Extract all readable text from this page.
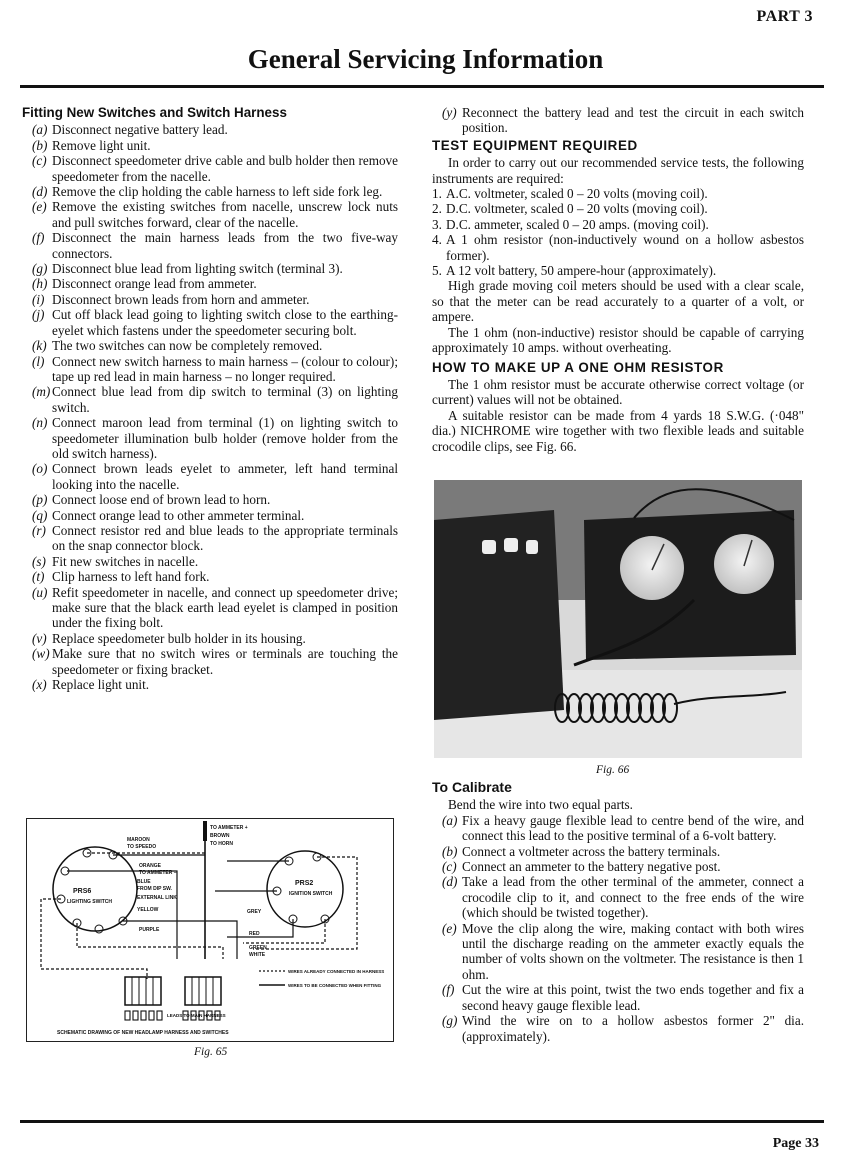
PART 3
General Servicing Information
Fitting New Switches and Switch Harness
(a) Disconnect negative battery lead.
(b) Remove light unit.
(c) Disconnect speedometer drive cable and bulb holder then remove speedometer from the nacelle.
(d) Remove the clip holding the cable harness to left side fork leg.
(e) Remove the existing switches from nacelle, unscrew lock nuts and pull switches forward, clear of the nacelle.
(f) Disconnect the main harness leads from the two five-way connectors.
(g) Disconnect blue lead from lighting switch (terminal 3).
(h) Disconnect orange lead from ammeter.
(i) Disconnect brown leads from horn and ammeter.
(j) Cut off black lead going to lighting switch close to the earthing-eyelet which fastens under the speedometer securing bolt.
(k) The two switches can now be completely removed.
(l) Connect new switch harness to main harness – (colour to colour); tape up red lead in main harness – no longer required.
(m) Connect blue lead from dip switch to terminal (3) on lighting switch.
(n) Connect maroon lead from terminal (1) on lighting switch to speedometer illumination bulb holder (remove holder from the old switch harness).
(o) Connect brown leads eyelet to ammeter, left hand terminal looking into the nacelle.
(p) Connect loose end of brown lead to horn.
(q) Connect orange lead to other ammeter terminal.
(r) Connect resistor red and blue leads to the appropriate terminals on the snap connector block.
(s) Fit new switches in nacelle.
(t) Clip harness to left hand fork.
(u) Refit speedometer in nacelle, and connect up speedometer drive; make sure that the black earth lead eyelet is clamped in position under the fixing bolt.
(v) Replace speedometer bulb holder in its housing.
(w) Make sure that no switch wires or terminals are touching the speedometer or fixing bracket.
(x) Replace light unit.
TO AMMETER +
BROWN
TO HORN
MAROON
TO SPEEDO
ORANGE
TO AMMETER –
BLUE
FROM DIP SW.
EXTERNAL LINK
PRS6
LIGHTING SWITCH
PRS2
IGNITION SWITCH
YELLOW
PURPLE
GREY
RED
GREEN
WHITE
LEADS TO MAIN HARNESS
WIRES ALREADY CONNECTED IN HARNESS
WIRES TO BE CONNECTED WHEN FITTING
SCHEMATIC DRAWING OF NEW HEADLAMP HARNESS AND SWITCHES
Fig. 65
(y) Reconnect the battery lead and test the circuit in each switch position.
TEST EQUIPMENT REQUIRED

In order to carry out our recommended service tests, the following instruments are required:

1. A.C. voltmeter, scaled 0 – 20 volts (moving coil).
2. D.C. voltmeter, scaled 0 – 20 volts (moving coil).
3. D.C. ammeter, scaled 0 – 20 amps. (moving coil).
4. A 1 ohm resistor (non-inductively wound on a hollow asbestos former).
5. A 12 volt battery, 50 ampere-hour (approximately).

High grade moving coil meters should be used with a clear scale, so that the meter can be read accurately to a quarter of a volt, or ampere.

The 1 ohm (non-inductive) resistor should be capable of carrying approximately 10 amps. without overheating.

HOW TO MAKE UP A ONE OHM RESISTOR

The 1 ohm resistor must be accurate otherwise correct voltage (or current) values will not be obtained.

A suitable resistor can be made from 4 yards 18 S.W.G. (·048" dia.) NICHROME wire together with two flexible leads and suitable crocodile clips, see Fig. 66.

Fig. 66
To Calibrate

Bend the wire into two equal parts.

(a) Fix a heavy gauge flexible lead to centre bend of the wire, and connect this lead to the positive terminal of a 6-volt battery.
(b) Connect a voltmeter across the battery terminals.
(c) Connect an ammeter to the battery negative post.
(d) Take a lead from the other terminal of the ammeter, connect a crocodile clip to it, and connect to the free ends of the wire (which should be twisted together).
(e) Move the clip along the wire, making contact with both wires until the discharge reading on the ammeter exactly equals the number of volts shown on the voltmeter. The resistance is then 1 ohm.
(f) Cut the wire at this point, twist the two ends together and fix a second heavy gauge flexible lead.
(g) Wind the wire on to a hollow asbestos former 2" dia. (approximately).
Page 33
